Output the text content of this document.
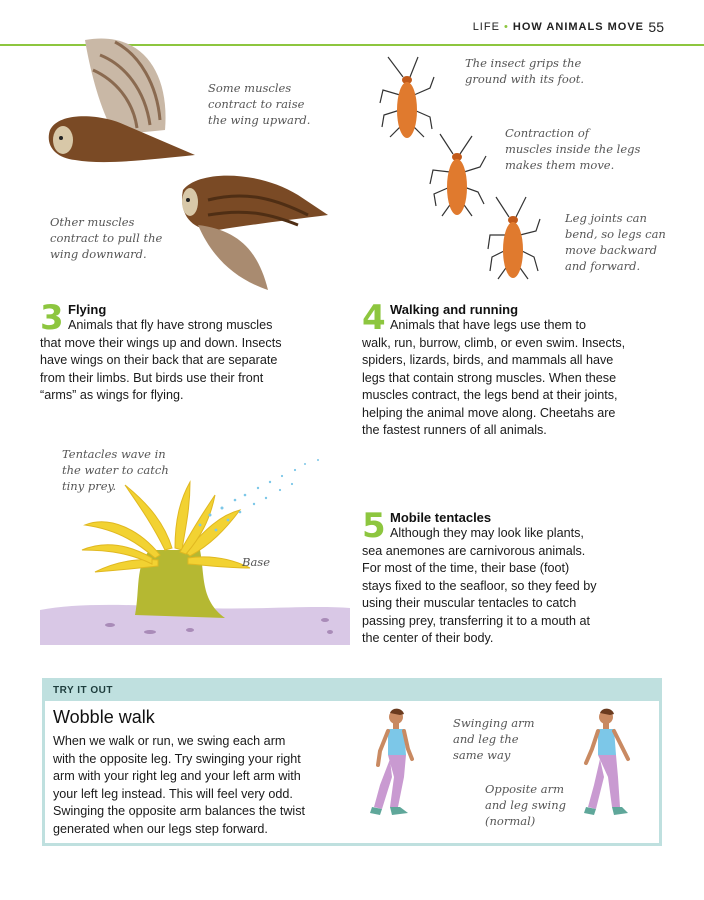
LIFE • HOW ANIMALS MOVE 55
Some muscles
contract to raise
the wing upward.
Other muscles
contract to pull the
wing downward.
The insect grips the
ground with its foot.
Contraction of
muscles inside the legs
makes them move.
Leg joints can
bend, so legs can
move backward
and forward.
3 Flying
Animals that fly have strong muscles
that move their wings up and down. Insects
have wings on their back that are separate
from their limbs. But birds use their front
“arms” as wings for flying.
4 Walking and running
Animals that have legs use them to
walk, run, burrow, climb, or even swim. Insects,
spiders, lizards, birds, and mammals all have
legs that contain strong muscles. When these
muscles contract, the legs bend at their joints,
helping the animal move along. Cheetahs are
the fastest runners of all animals.
Tentacles wave in
the water to catch
tiny prey.
Base
5 Mobile tentacles
Although they may look like plants,
sea anemones are carnivorous animals.
For most of the time, their base (foot)
stays fixed to the seafloor, so they feed by
using their muscular tentacles to catch
passing prey, transferring it to a mouth at
the center of their body.
TRY IT OUT
Wobble walk
When we walk or run, we swing each arm
with the opposite leg. Try swinging your right
arm with your right leg and your left arm with
your left leg instead. This will feel very odd.
Swinging the opposite arm balances the twist
generated when our legs step forward.
Swinging arm
and leg the
same way
Opposite arm
and leg swing
(normal)
